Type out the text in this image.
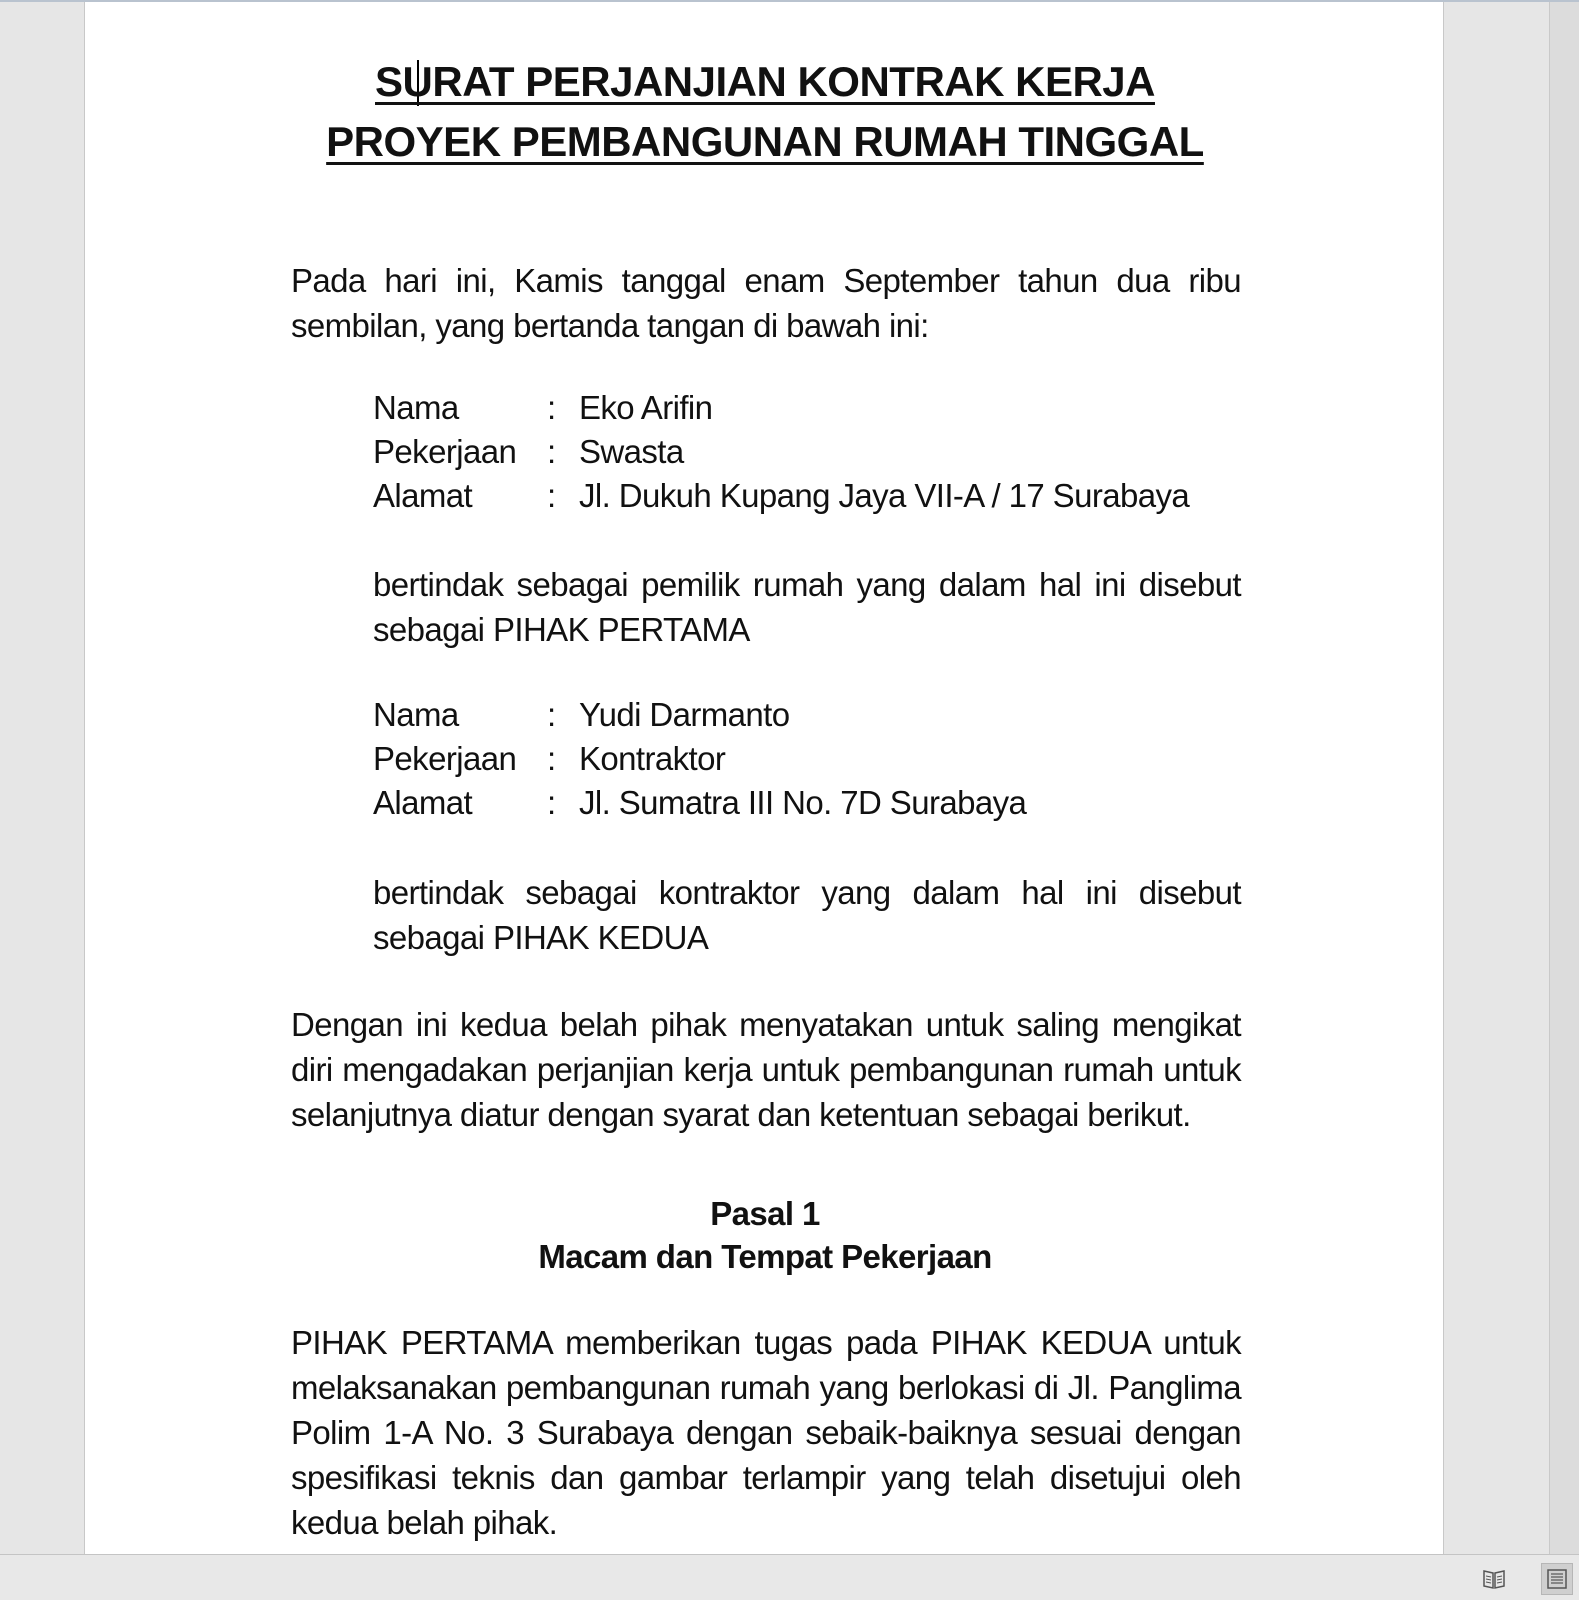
SURAT PERJANJIAN KONTRAK KERJA
PROYEK PEMBANGUNAN RUMAH TINGGAL

Pada hari ini, Kamis tanggal enam September tahun dua ribu sembilan, yang bertanda tangan di bawah ini:

Nama	: Eko Arifin
Pekerjaan : Swasta
Alamat : Jl. Dukuh Kupang Jaya VII-A / 17 Surabaya

bertindak sebagai pemilik rumah yang dalam hal ini disebut sebagai PIHAK PERTAMA

Nama	: Yudi Darmanto
Pekerjaan : Kontraktor
Alamat : Jl. Sumatra III No. 7D Surabaya

bertindak sebagai kontraktor yang dalam hal ini disebut sebagai PIHAK KEDUA

Dengan ini kedua belah pihak menyatakan untuk saling mengikat diri mengadakan perjanjian kerja untuk pembangunan rumah untuk selanjutnya diatur dengan syarat dan ketentuan sebagai berikut.

Pasal 1

Macam dan Tempat Pekerjaan

PIHAK PERTAMA memberikan tugas pada PIHAK KEDUA untuk melaksanakan pembangunan rumah yang berlokasi di Jl. Panglima Polim 1-A No. 3 Surabaya dengan sebaik-baiknya sesuai dengan spesifikasi teknis dan gambar terlampir yang telah disetujui oleh kedua belah pihak.
